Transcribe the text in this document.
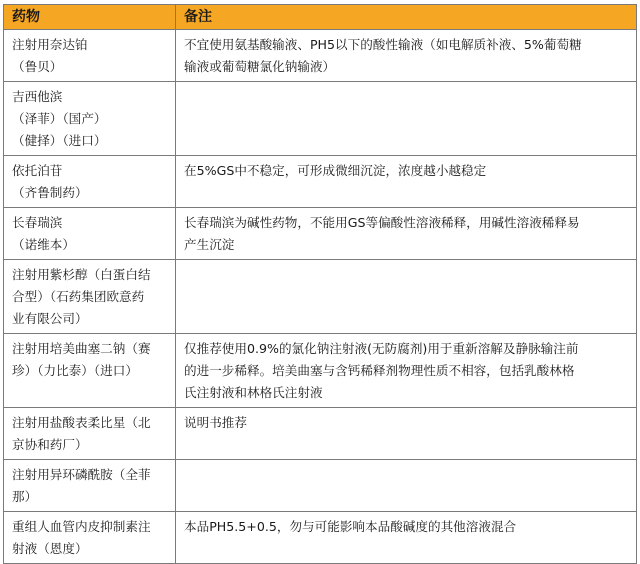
药物	备注

注射用奈达铂
（鲁贝）	不宜使用氨基酸输液、PH5以下的酸性输液（如电解质补液、5%葡萄糖
输液或葡萄糖氯化钠输液）

吉西他滨
（泽菲）（国产）
（健择）（进口）	

依托泊苷
（齐鲁制药）	在5%GS中不稳定，可形成微细沉淀，浓度越小越稳定

长春瑞滨
（诺维本）	长春瑞滨为碱性药物，不能用GS等偏酸性溶液稀释，用碱性溶液稀释易
产生沉淀

注射用紫杉醇（白蛋白结
合型）（石药集团欧意药
业有限公司）	

注射用培美曲塞二钠（赛
珍）（力比泰）（进口）	仅推荐使用0.9%的氯化钠注射液(无防腐剂)用于重新溶解及静脉输注前
的进一步稀释。培美曲塞与含钙稀释剂物理性质不相容，包括乳酸林格
氏注射液和林格氏注射液

注射用盐酸表柔比星（北
京协和药厂）	说明书推荐

注射用异环磷酰胺（全菲
那）	

重组人血管内皮抑制素注
射液（恩度）	本品PH5.5+0.5，勿与可能影响本品酸碱度的其他溶液混合
